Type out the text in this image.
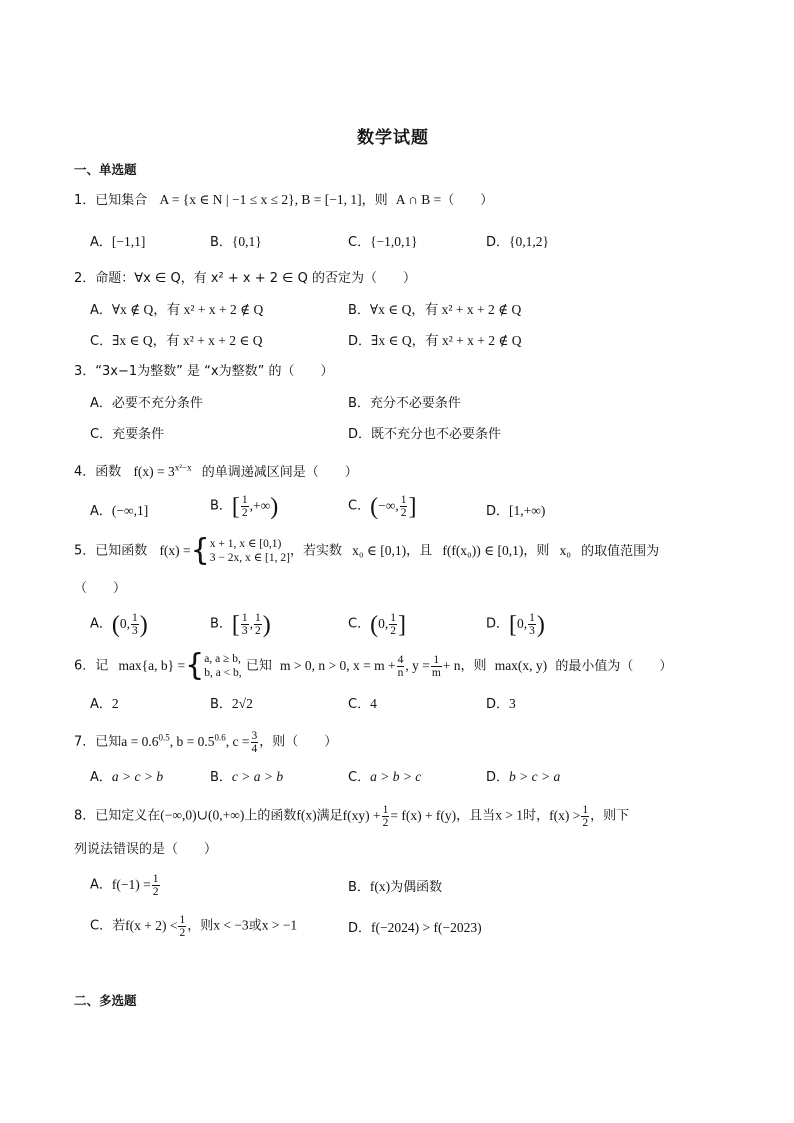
数学试题
一、单选题
1．已知集合 A = {x ∈ N | −1 ≤ x ≤ 2}, B = [−1, 1]，则 A ∩ B =（　　）
A．[−1,1]	B．{0,1}	C．{−1,0,1}	D．{0,1,2}
2．命题：∀x ∈ Q，有 x² + x + 2 ∈ Q 的否定为（　　）
A．∀x ∉ Q，有 x² + x + 2 ∉ Q	B．∀x ∈ Q，有 x² + x + 2 ∉ Q
C．∃x ∈ Q，有 x² + x + 2 ∈ Q	D．∃x ∈ Q，有 x² + x + 2 ∉ Q
3．“3x−1为整数” 是 “x为整数” 的（　　）
A．必要不充分条件	B．充分不必要条件
C．充要条件	D．既不充分也不必要条件
4．函数 $f(x) = 3^{x^2-x}$ 的单调递减区间是（　　）
A．(−∞,1]	B．[ $\frac{1}{2}$ ,+∞)	C．(−∞, $\frac{1}{2}$ ]	D．[1,+∞)
5．已知函数 f(x) ={ x + 1, x ∈ [0,1)
3 − 2x, x ∈ [1, 2] ，若实数 x₀ ∈ [0,1)，且 f(f(x₀)) ∈ [0,1)，则 x₀ 的取值范围为
（　　）
A．(0, $\frac{1}{3}$ )	B．[ $\frac{1}{3}$ , $\frac{1}{2}$ )	C．(0, $\frac{1}{2}$ ]	D．[0, $\frac{1}{3}$ )
6．记 max{a, b} ={ a, a ≥ b,
b, a < b, 已知 m > 0, n > 0, $x = m + \frac{4}{n}$ , $y = \frac{1}{m} + n$，则 max(x, y) 的最小值为（　　）
A．2	B．2√2	C．4	D．3
7．已知$a = 0.6^{0.5}$, $b = 0.5^{0.6}$, $c = \frac{3}{4}$ ，则（　　）
A．a > c > b	B．c > a > b	C．a > b > c	D．b > c > a
8．已知定义在(−∞,0)∪(0,+∞)上的函数f(x)满足$f(xy) + \frac{1}{2} = f(x) + f(y)$，且当x > 1时，$f(x) > \frac{1}{2}$ ，则下
列说法错误的是（　　）
A．$f(-1) = \frac{1}{2}$	B．f(x)为偶函数
C．若$f(x + 2) < \frac{1}{2}$ ，则x < −3或x > −1	D．f(−2024) > f(−2023)
二、多选题
